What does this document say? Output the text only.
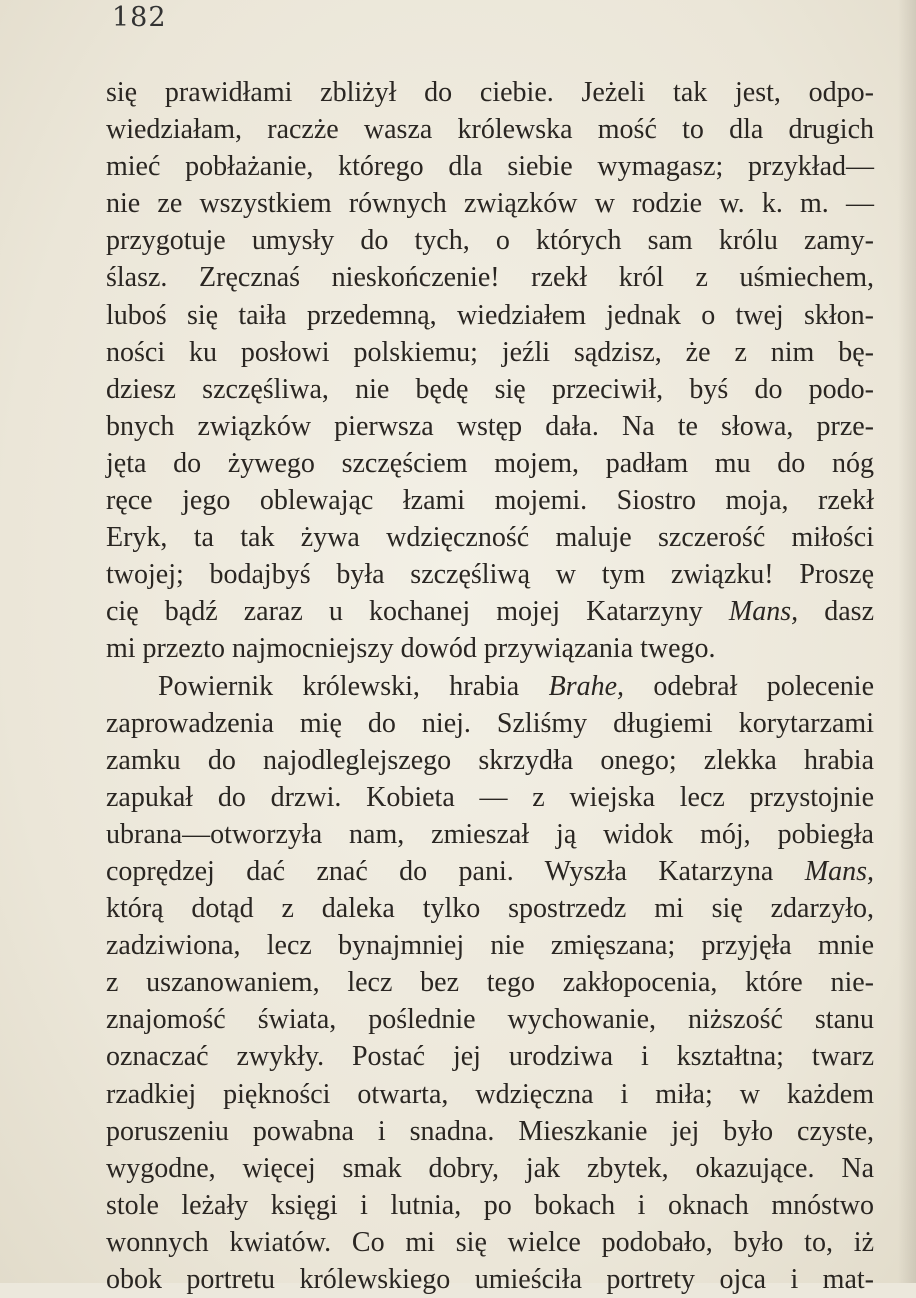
182
się prawidłami zbliżył do ciebie. Jeżeli tak jest, odpo-
wiedziałam, raczże wasza królewska mość to dla drugich
mieć pobłażanie, którego dla siebie wymagasz; przykład—
nie ze wszystkiem równych związków w rodzie w. k. m. —
przygotuje umysły do tych, o których sam królu zamy-
ślasz. Zręcznaś nieskończenie! rzekł król z uśmiechem,
luboś się taiła przedemną, wiedziałem jednak o twej skłon-
ności ku posłowi polskiemu; jeźli sądzisz, że z nim bę-
dziesz szczęśliwa, nie będę się przeciwił, byś do podo-
bnych związków pierwsza wstęp dała. Na te słowa, prze-
jęta do żywego szczęściem mojem, padłam mu do nóg
ręce jego oblewając łzami mojemi. Siostro moja, rzekł
Eryk, ta tak żywa wdzięczność maluje szczerość miłości
twojej; bodajbyś była szczęśliwą w tym związku! Proszę
cię bądź zaraz u kochanej mojej Katarzyny Mans, dasz
mi przezto najmocniejszy dowód przywiązania twego.
Powiernik królewski, hrabia Brahe, odebrał polecenie
zaprowadzenia mię do niej. Szliśmy długiemi korytarzami
zamku do najodleglejszego skrzydła onego; zlekka hrabia
zapukał do drzwi. Kobieta — z wiejska lecz przystojnie
ubrana—otworzyła nam, zmieszał ją widok mój, pobiegła
coprędzej dać znać do pani. Wyszła Katarzyna Mans,
którą dotąd z daleka tylko spostrzedz mi się zdarzyło,
zadziwiona, lecz bynajmniej nie zmięszana; przyjęła mnie
z uszanowaniem, lecz bez tego zakłopocenia, które nie-
znajomość świata, poślednie wychowanie, niższość stanu
oznaczać zwykły. Postać jej urodziwa i kształtna; twarz
rzadkiej piękności otwarta, wdzięczna i miła; w każdem
poruszeniu powabna i snadna. Mieszkanie jej było czyste,
wygodne, więcej smak dobry, jak zbytek, okazujące. Na
stole leżały księgi i lutnia, po bokach i oknach mnóstwo
wonnych kwiatów. Co mi się wielce podobało, było to, iż
obok portretu królewskiego umieściła portrety ojca i mat-
